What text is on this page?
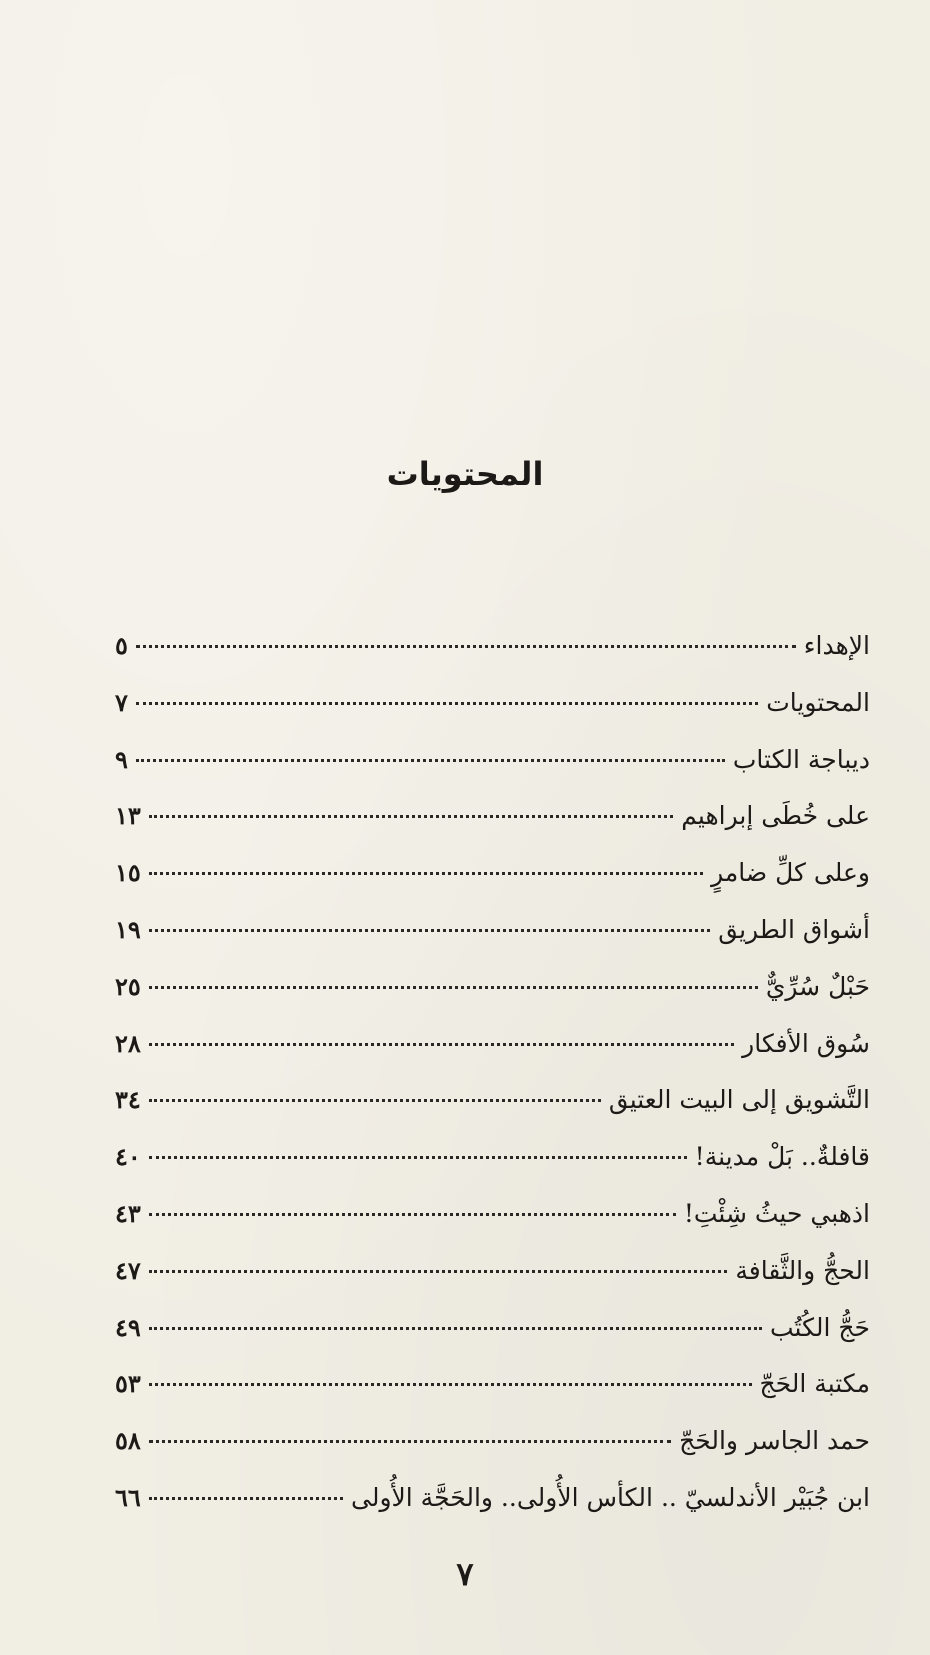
المحتويات
الإهداء
٥
المحتويات
٧
ديباجة الكتاب
٩
على خُطَى إبراهيم
١٣
وعلى كلِّ ضامرٍ
١٥
أشواق الطريق
١٩
حَبْلٌ سُرِّيٌّ
٢٥
سُوق الأفكار
٢٨
التَّشويق إلى البيت العتيق
٣٤
قافلةٌ.. بَلْ مدينة!
٤٠
اذهبي حيثُ شِئْتِ!
٤٣
الحجُّ والثَّقافة
٤٧
حَجُّ الكُتُب
٤٩
مكتبة الحَجّ
٥٣
حمد الجاسر والحَجّ
٥٨
ابن جُبَيْر الأندلسيّ .. الكأس الأُولى.. والحَجَّة الأُولى
٦٦
٧
